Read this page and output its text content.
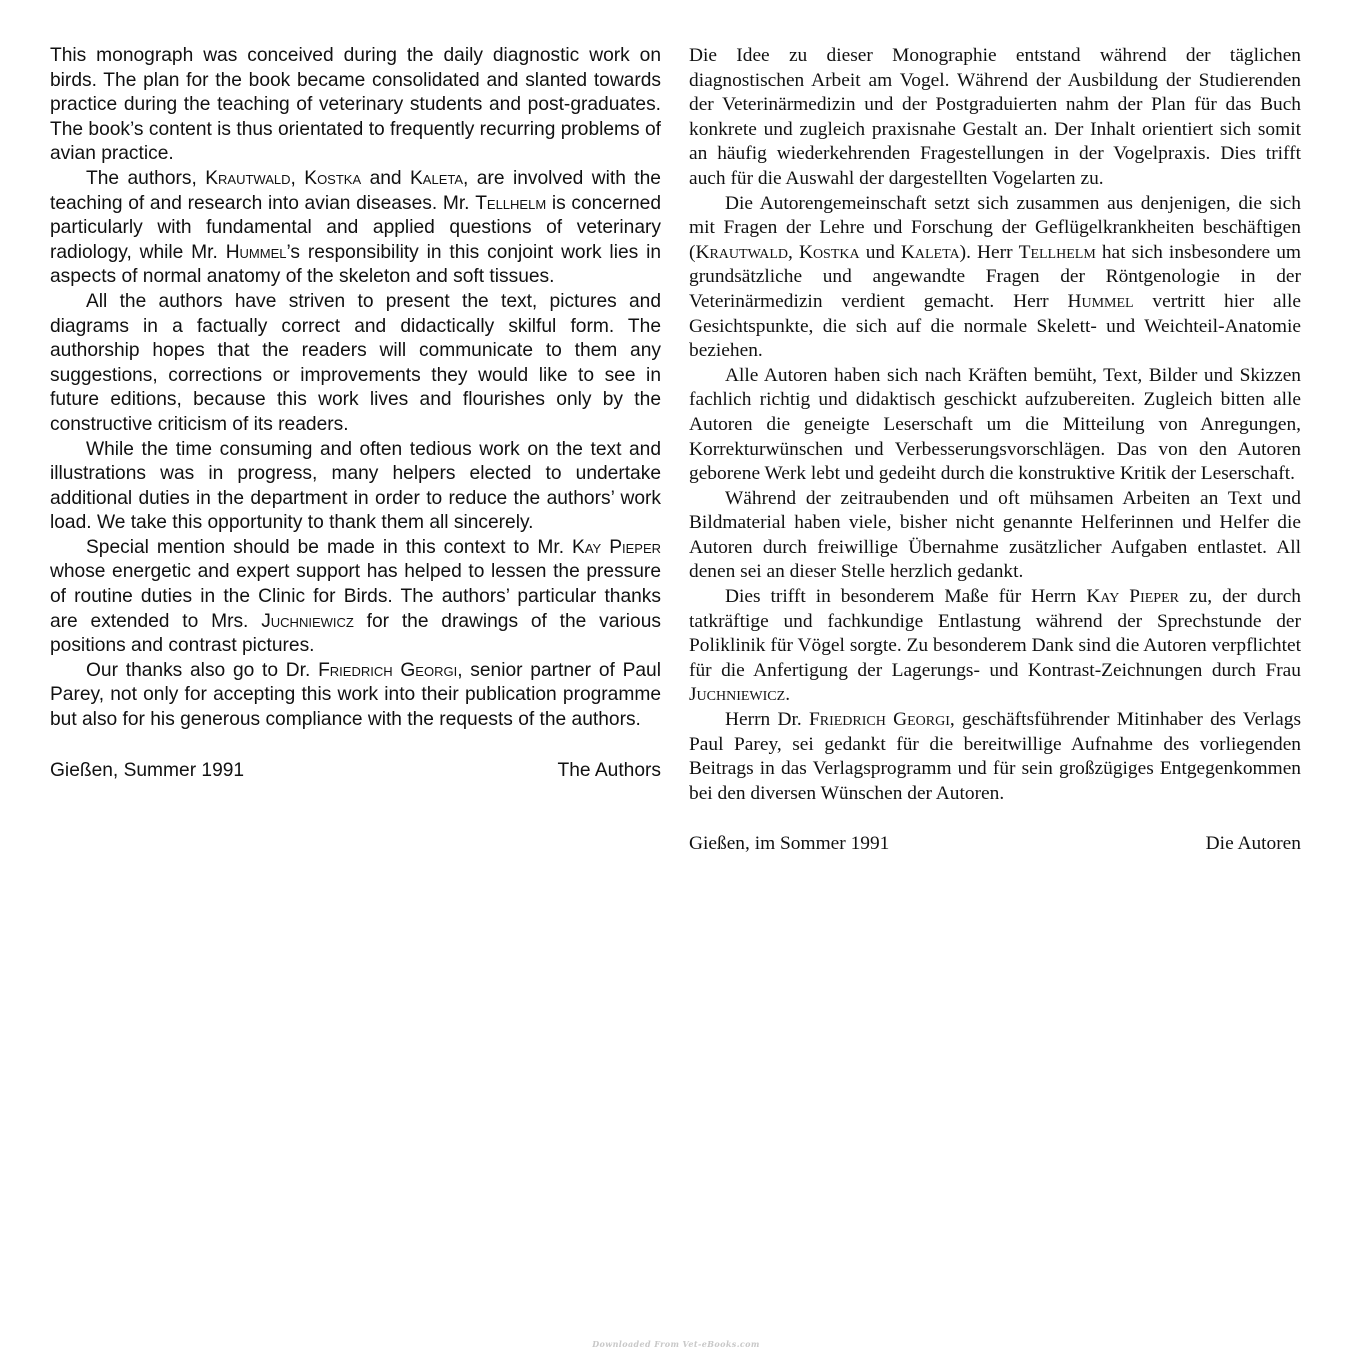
This monograph was conceived during the daily diagnostic work on birds. The plan for the book became consolidated and slanted towards practice during the teaching of veterinary students and post-graduates. The book’s content is thus orientated to frequently recurring problems of avian practice.

The authors, Krautwald, Kostka and Kaleta, are involved with the teaching of and research into avian diseases. Mr. Tellhelm is concerned particularly with fundamental and applied questions of veterinary radiology, while Mr. Hummel’s responsibility in this conjoint work lies in aspects of normal anatomy of the skeleton and soft tissues.

All the authors have striven to present the text, pictures and diagrams in a factually correct and didactically skilful form. The authorship hopes that the readers will communicate to them any suggestions, corrections or improvements they would like to see in future editions, because this work lives and flourishes only by the constructive criticism of its readers.

While the time consuming and often tedious work on the text and illustrations was in progress, many helpers elected to undertake additional duties in the department in order to reduce the authors’ work load. We take this opportunity to thank them all sincerely.

Special mention should be made in this context to Mr. Kay Pieper whose energetic and expert support has helped to lessen the pressure of routine duties in the Clinic for Birds. The authors’ particular thanks are extended to Mrs. Juchniewicz for the drawings of the various positions and contrast pictures.

Our thanks also go to Dr. Friedrich Georgi, senior partner of Paul Parey, not only for accepting this work into their publication programme but also for his generous compliance with the requests of the authors.

Gießen, Summer 1991	The Authors

Die Idee zu dieser Monographie entstand während der täglichen diagnostischen Arbeit am Vogel. Während der Ausbildung der Studierenden der Veterinärmedizin und der Postgraduierten nahm der Plan für das Buch konkrete und zugleich praxisnahe Gestalt an. Der Inhalt orientiert sich somit an häufig wiederkehrenden Fragestellungen in der Vogelpraxis. Dies trifft auch für die Auswahl der dargestellten Vogelarten zu.

Die Autorengemeinschaft setzt sich zusammen aus denjenigen, die sich mit Fragen der Lehre und Forschung der Geflügelkrankheiten beschäftigen (Krautwald, Kostka und Kaleta). Herr Tellhelm hat sich insbesondere um grundsätzliche und angewandte Fragen der Röntgenologie in der Veterinärmedizin verdient gemacht. Herr Hummel vertritt hier alle Gesichtspunkte, die sich auf die normale Skelett- und Weichteil-Anatomie beziehen.

Alle Autoren haben sich nach Kräften bemüht, Text, Bilder und Skizzen fachlich richtig und didaktisch geschickt aufzubereiten. Zugleich bitten alle Autoren die geneigte Leserschaft um die Mitteilung von Anregungen, Korrekturwünschen und Verbesserungsvorschlägen. Das von den Autoren geborene Werk lebt und gedeiht durch die konstruktive Kritik der Leserschaft.

Während der zeitraubenden und oft mühsamen Arbeiten an Text und Bildmaterial haben viele, bisher nicht genannte Helferinnen und Helfer die Autoren durch freiwillige Übernahme zusätzlicher Aufgaben entlastet. All denen sei an dieser Stelle herzlich gedankt.

Dies trifft in besonderem Maße für Herrn Kay Pieper zu, der durch tatkräftige und fachkundige Entlastung während der Sprechstunde der Poliklinik für Vögel sorgte. Zu besonderem Dank sind die Autoren verpflichtet für die Anfertigung der Lagerungs- und Kontrast-Zeichnungen durch Frau Juchniewicz.

Herrn Dr. Friedrich Georgi, geschäftsführender Mitinhaber des Verlags Paul Parey, sei gedankt für die bereitwillige Aufnahme des vorliegenden Beitrags in das Verlagsprogramm und für sein großzügiges Entgegenkommen bei den diversen Wünschen der Autoren.

Gießen, im Sommer 1991	Die Autoren
Downloaded From Vet-eBooks.com
